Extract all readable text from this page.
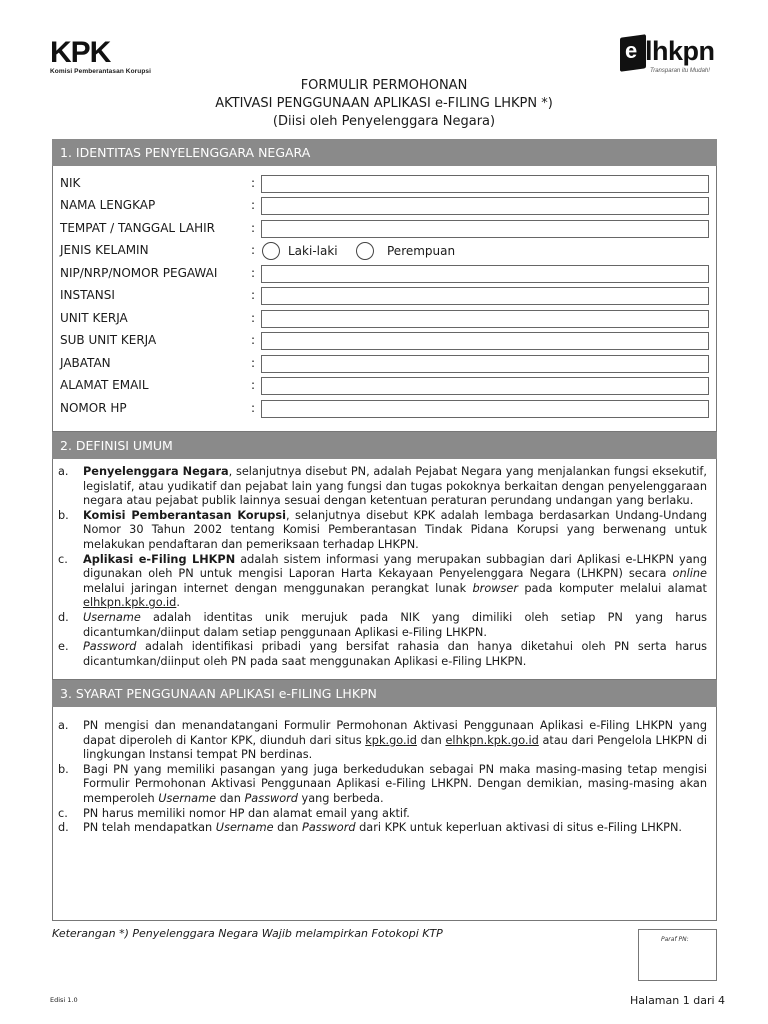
KPK
Komisi Pemberantasan Korupsi
e lhkpn
Transparan itu Mudah!
FORMULIR PERMOHONAN
AKTIVASI PENGGUNAAN APLIKASI e-FILING LHKPN *)
(Diisi oleh Penyelenggara Negara)
1. IDENTITAS PENYELENGGARA NEGARA
NIK	:
NAMA LENGKAP	:
TEMPAT / TANGGAL LAHIR	:
JENIS KELAMIN	:	Laki-laki	Perempuan
NIP/NRP/NOMOR PEGAWAI	:
INSTANSI	:
UNIT KERJA	:
SUB UNIT KERJA	:
JABATAN	:
ALAMAT EMAIL	:
NOMOR HP	:
2. DEFINISI UMUM
a. Penyelenggara Negara, selanjutnya disebut PN, adalah Pejabat Negara yang menjalankan fungsi eksekutif, legislatif, atau yudikatif dan pejabat lain yang fungsi dan tugas pokoknya berkaitan dengan penyelenggaraan negara atau pejabat publik lainnya sesuai dengan ketentuan peraturan perundang undangan yang berlaku.
b. Komisi Pemberantasan Korupsi, selanjutnya disebut KPK adalah lembaga berdasarkan Undang-Undang Nomor 30 Tahun 2002 tentang Komisi Pemberantasan Tindak Pidana Korupsi yang berwenang untuk melakukan pendaftaran dan pemeriksaan terhadap LHKPN.
c. Aplikasi e-Filing LHKPN adalah sistem informasi yang merupakan subbagian dari Aplikasi e-LHKPN yang digunakan oleh PN untuk mengisi Laporan Harta Kekayaan Penyelenggara Negara (LHKPN) secara online melalui jaringan internet dengan menggunakan perangkat lunak browser pada komputer melalui alamat elhkpn.kpk.go.id.
d. Username adalah identitas unik merujuk pada NIK yang dimiliki oleh setiap PN yang harus dicantumkan/diinput dalam setiap penggunaan Aplikasi e-Filing LHKPN.
e. Password adalah identifikasi pribadi yang bersifat rahasia dan hanya diketahui oleh PN serta harus dicantumkan/diinput oleh PN pada saat menggunakan Aplikasi e-Filing LHKPN.
3. SYARAT PENGGUNAAN APLIKASI e-FILING LHKPN
a. PN mengisi dan menandatangani Formulir Permohonan Aktivasi Penggunaan Aplikasi e-Filing LHKPN yang dapat diperoleh di Kantor KPK, diunduh dari situs kpk.go.id dan elhkpn.kpk.go.id atau dari Pengelola LHKPN di lingkungan Instansi tempat PN berdinas.
b. Bagi PN yang memiliki pasangan yang juga berkedudukan sebagai PN maka masing-masing tetap mengisi Formulir Permohonan Aktivasi Penggunaan Aplikasi e-Filing LHKPN. Dengan demikian, masing-masing akan memperoleh Username dan Password yang berbeda.
c. PN harus memiliki nomor HP dan alamat email yang aktif.
d. PN telah mendapatkan Username dan Password dari KPK untuk keperluan aktivasi di situs e-Filing LHKPN.
Keterangan *) Penyelenggara Negara Wajib melampirkan Fotokopi KTP	Paraf PN:
Edisi 1.0	Halaman 1 dari 4
